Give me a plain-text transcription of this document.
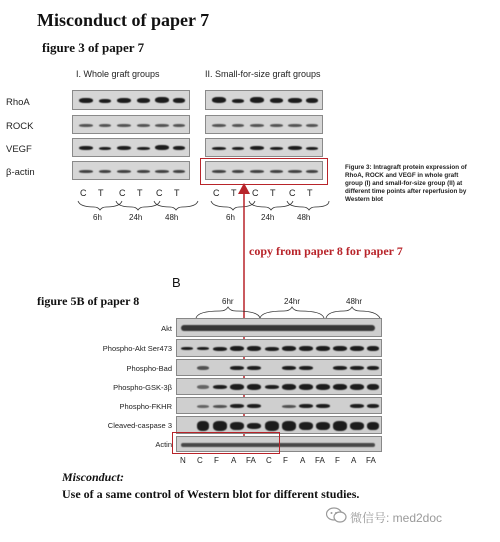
Misconduct of paper 7
figure 3 of paper 7
I. Whole graft groups	II. Small-for-size graft groups
RhoA
ROCK
VEGF
β-actin
C T C T C T	C T C T C T
6h	24h	48h	6h	24h	48h
Figure 3: Intragraft protein expression of RhoA, ROCK and VEGF in whole graft group (I) and small-for-size group (II) at different time points after reperfusion by Western blot
copy from paper 8 for paper 7
B
figure 5B of paper 8	6hr	24hr	48hr
Akt
Phospho-Akt Ser473
Phospho-Bad
Phospho-GSK-3β
Phospho-FKHR
Cleaved-caspase 3
Actin
N C F A FA C F A FA F A FA
Misconduct:
Use of a same control of Western blot for different studies.
微信号: med2doc
